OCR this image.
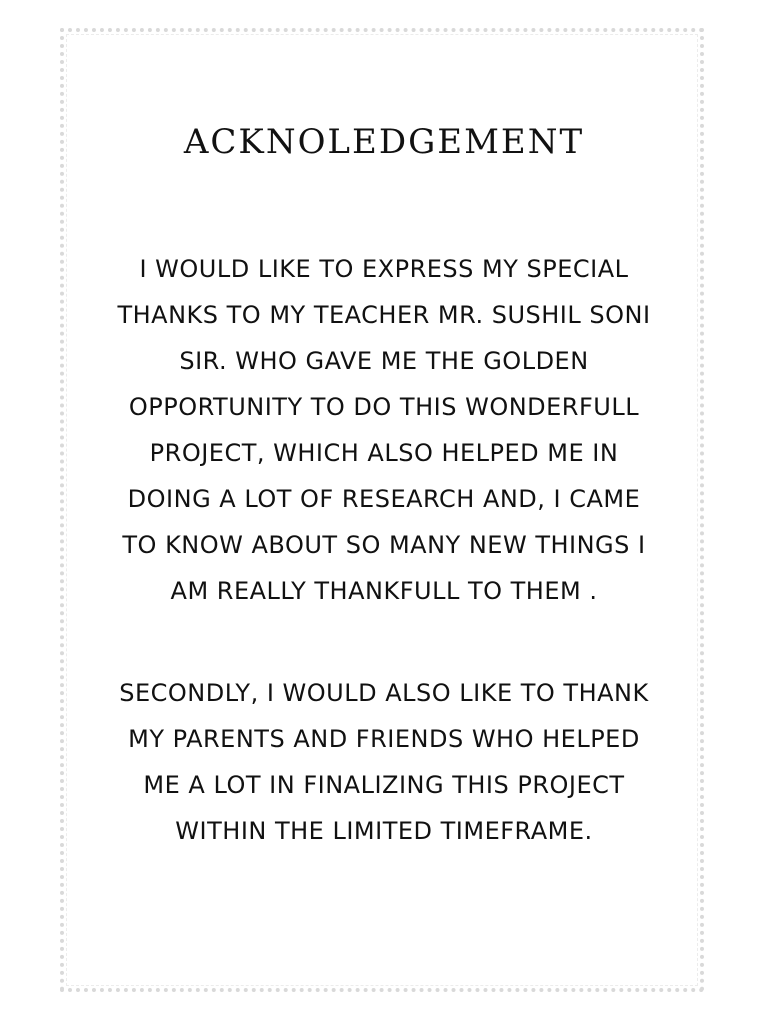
ACKNOLEDGEMENT
I WOULD LIKE TO EXPRESS MY SPECIAL THANKS TO MY TEACHER MR. SUSHIL SONI SIR. WHO GAVE ME THE GOLDEN OPPORTUNITY TO DO THIS WONDERFULL PROJECT, WHICH ALSO HELPED ME IN DOING A LOT OF RESEARCH AND, I CAME TO KNOW ABOUT SO MANY NEW THINGS I AM REALLY THANKFULL TO THEM .
SECONDLY, I WOULD ALSO LIKE TO THANK MY PARENTS AND FRIENDS WHO HELPED ME A LOT IN FINALIZING THIS PROJECT WITHIN THE LIMITED TIMEFRAME.
